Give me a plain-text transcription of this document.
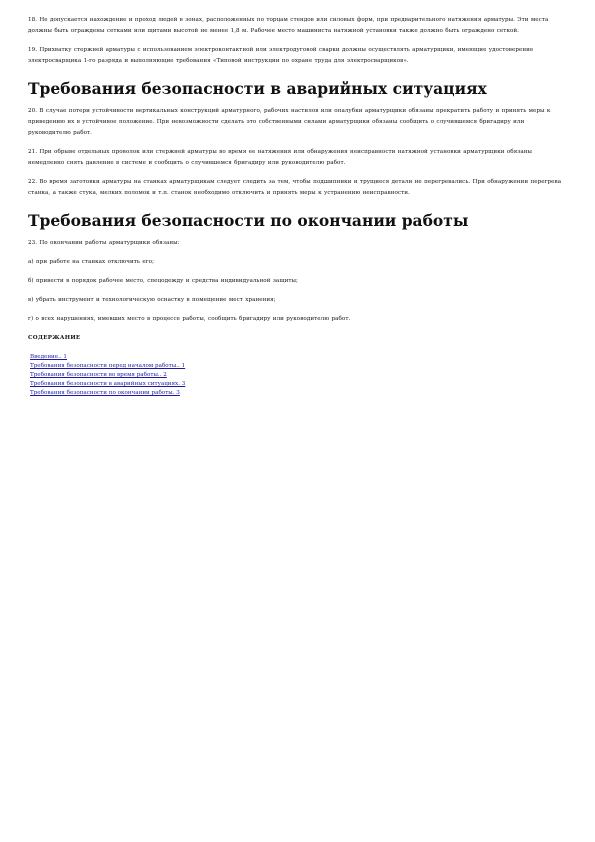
18. Не допускается нахождение и проход людей в зонах, расположенных по торцам стендов или силовых форм, при предварительного натяжения арматуры. Эти места должны быть ограждены сетками или щитами высотой не менее 1,8 м. Рабочее место машиниста натяжной установки также должно быть ограждено сеткой.

19. Прихватку стержней арматуры с использованием электроконтактной или электродуговой сварки должны осуществлять арматурщики, имеющие удостоверение электросварщика 1-го разряда и выполняющие требования «Типовой инструкции по охране труда для электросварщиков».

Требования безопасности в аварийных ситуациях

20. В случае потери устойчивости вертикальных конструкций арматурного, рабочих настилов или опалубки арматурщики обязаны прекратить работу и принять меры к приведению их в устойчивое положение. При невозможности сделать это собственными силами арматурщики обязаны сообщить о случившемся бригадиру или руководителю работ.

21. При обрыве отдельных проволок или стержней арматуры во время ее натяжения или обнаружения неисправности натяжной установки арматурщики обязаны немедленно снять давление в системе и сообщить о случившемся бригадиру или руководителю работ.

22. Во время заготовки арматуры на станках арматурщикам следует следить за тем, чтобы подшипники и трущиеся детали не перегревались. При обнаружении перегрева станка, а также стука, мелких поломок и т.п. станок необходимо отключить и принять меры к устранению неисправности.

Требования безопасности по окончании работы

23. По окончании работы арматурщики обязаны:

а) при работе на станках отключить его;

б) привести в порядок рабочее место, спецодежду и средства индивидуальной защиты;

в) убрать инструмент и технологическую оснастку в помещение мест хранения;

г) о всех нарушениях, имевших место в процессе работы, сообщить бригадиру или руководителю работ.

СОДЕРЖАНИЕ
Введение.. 1
Требования безопасности перед началом работы.. 1
Требования безопасности во время работы.. 2
Требования безопасности в аварийных ситуациях. 3
Требования безопасности по окончании работы. 3
